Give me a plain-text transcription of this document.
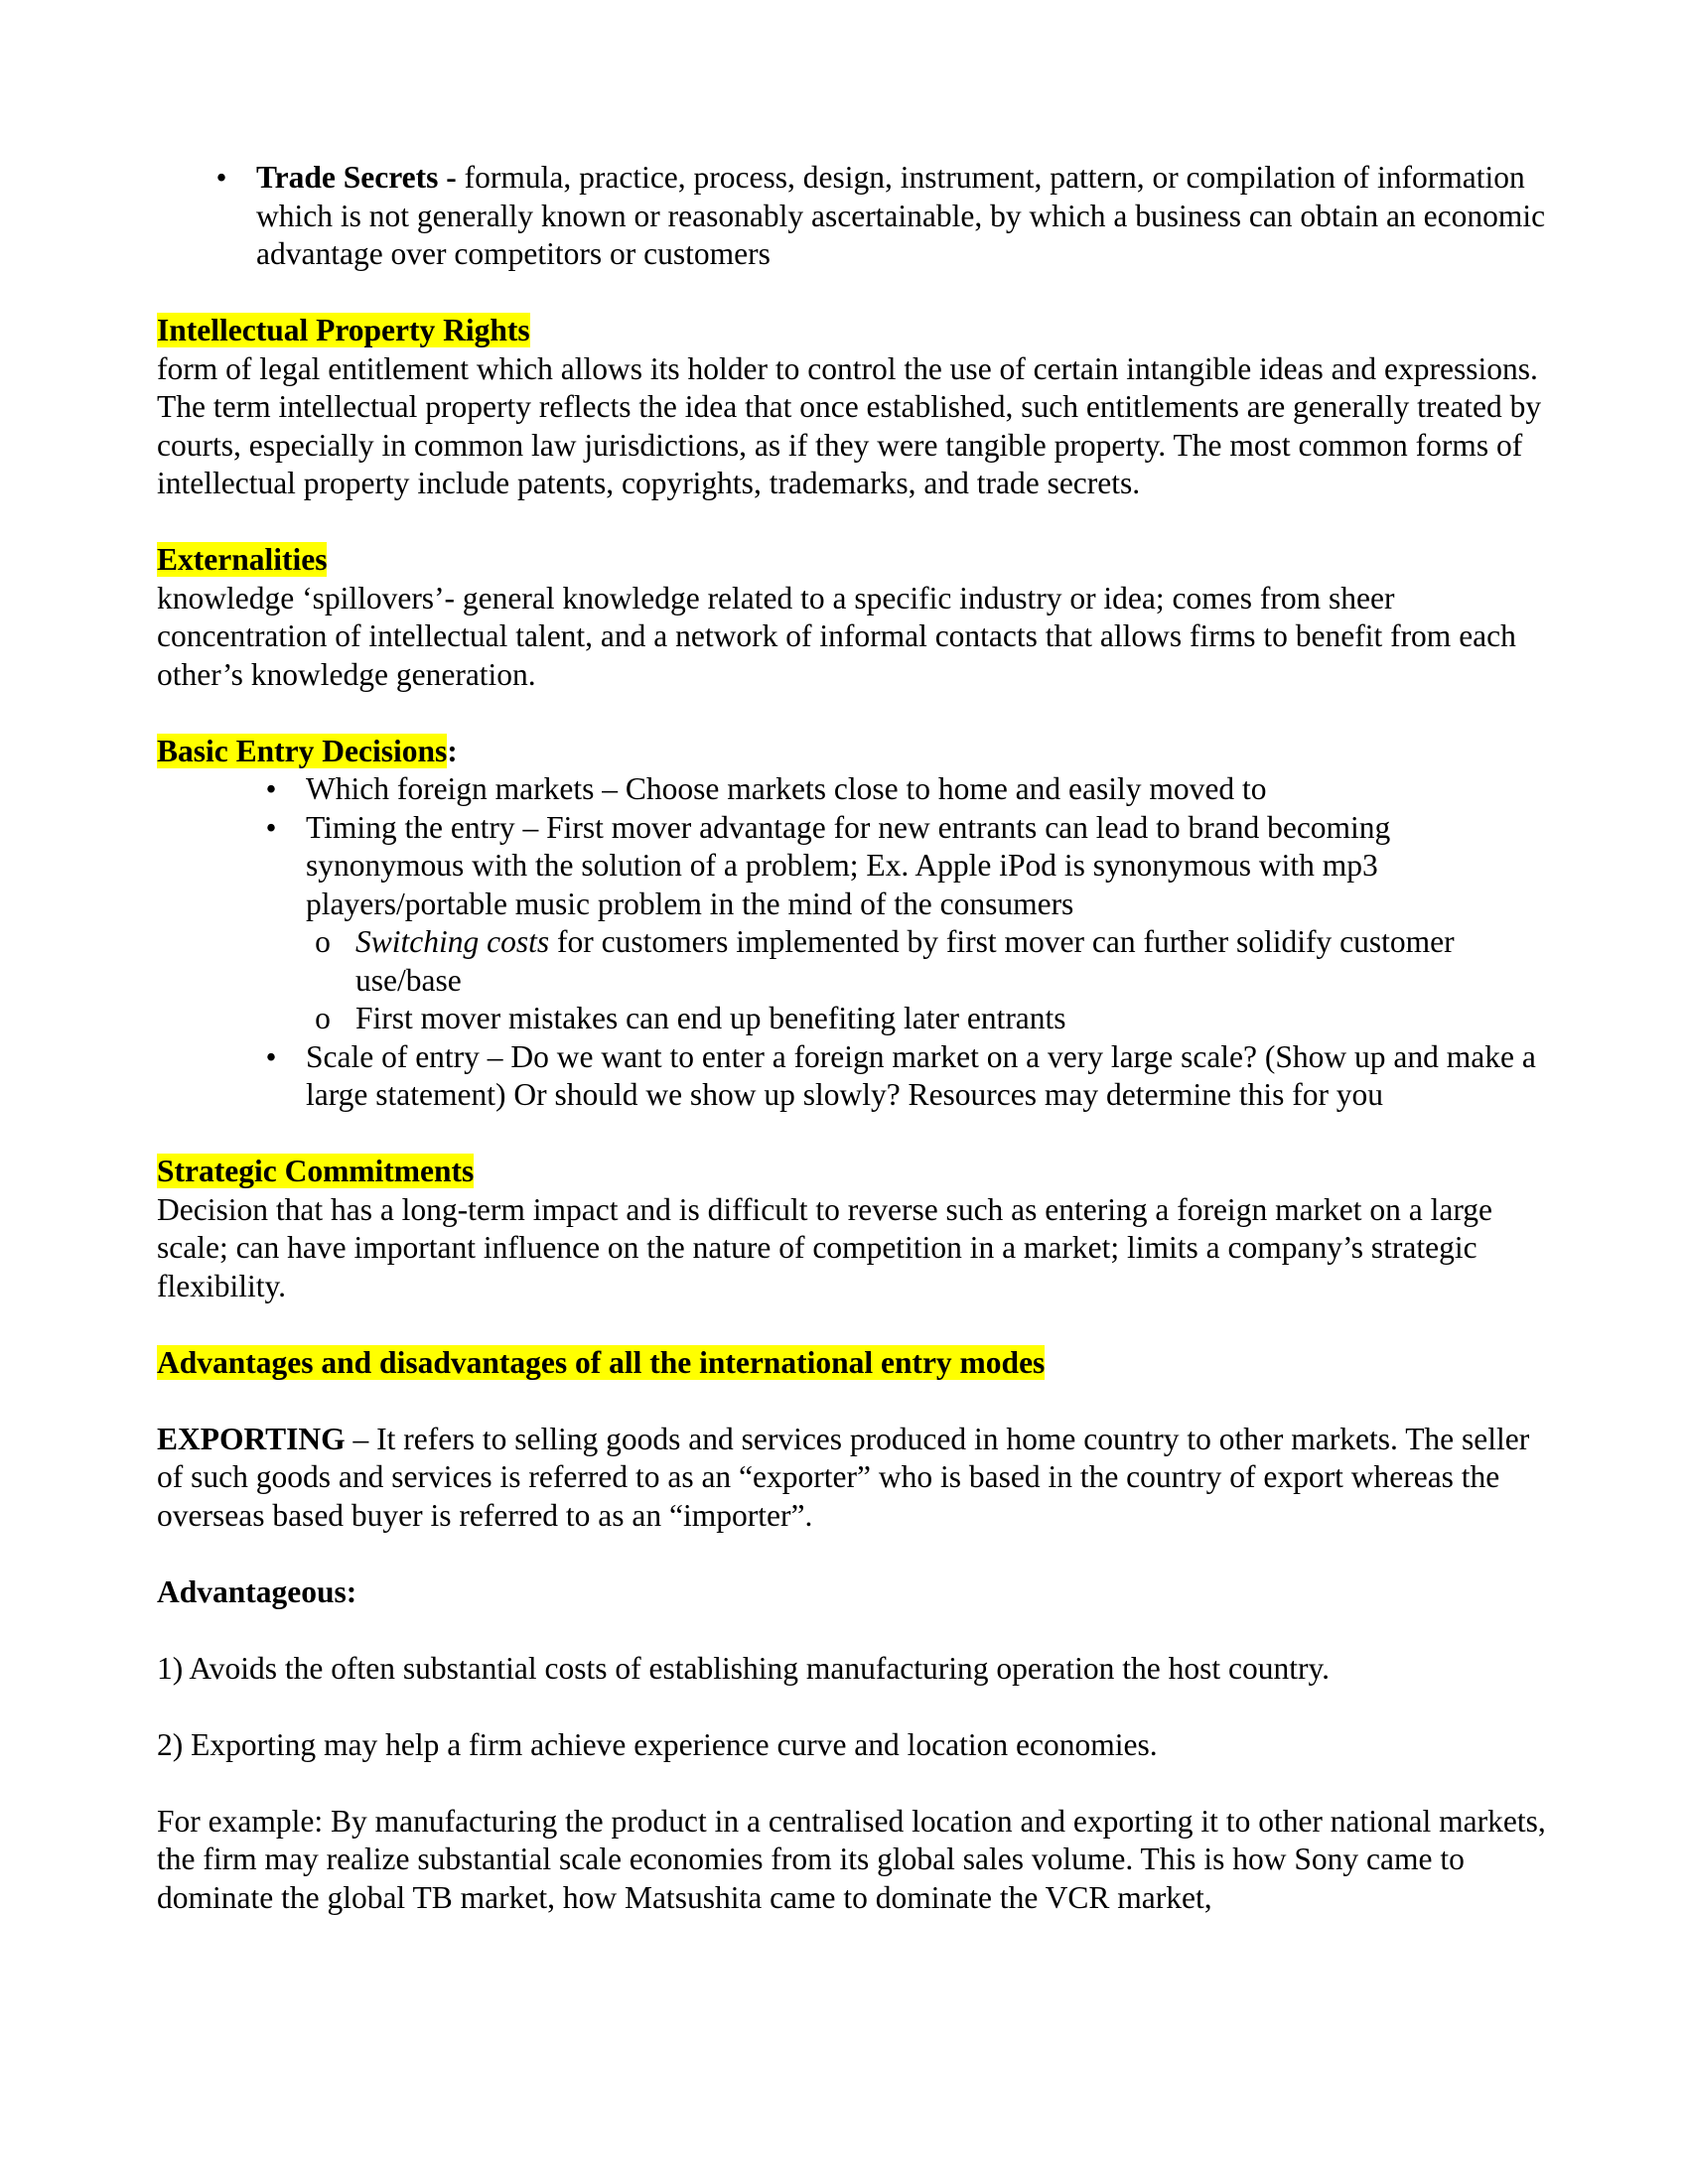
• Trade Secrets - formula, practice, process, design, instrument, pattern, or compilation of information which is not generally known or reasonably ascertainable, by which a business can obtain an economic advantage over competitors or customers

Intellectual Property Rights

form of legal entitlement which allows its holder to control the use of certain intangible ideas and expressions. The term intellectual property reflects the idea that once established, such entitlements are generally treated by courts, especially in common law jurisdictions, as if they were tangible property. The most common forms of intellectual property include patents, copyrights, trademarks, and trade secrets.

Externalities

knowledge ‘spillovers’- general knowledge related to a specific industry or idea; comes from sheer concentration of intellectual talent, and a network of informal contacts that allows firms to benefit from each other’s knowledge generation.

Basic Entry Decisions:

• Which foreign markets – Choose markets close to home and easily moved to
• Timing the entry – First mover advantage for new entrants can lead to brand becoming synonymous with the solution of a problem; Ex. Apple iPod is synonymous with mp3 players/portable music problem in the mind of the consumers
o Switching costs for customers implemented by first mover can further solidify customer use/base
o First mover mistakes can end up benefiting later entrants
• Scale of entry – Do we want to enter a foreign market on a very large scale? (Show up and make a large statement) Or should we show up slowly? Resources may determine this for you

Strategic Commitments

Decision that has a long-term impact and is difficult to reverse such as entering a foreign market on a large scale; can have important influence on the nature of competition in a market; limits a company’s strategic flexibility.

Advantages and disadvantages of all the international entry modes

EXPORTING – It refers to selling goods and services produced in home country to other markets. The seller of such goods and services is referred to as an “exporter” who is based in the country of export whereas the overseas based buyer is referred to as an “importer”.

Advantageous:

1) Avoids the often substantial costs of establishing manufacturing operation the host country.

2) Exporting may help a firm achieve experience curve and location economies.

For example: By manufacturing the product in a centralised location and exporting it to other national markets, the firm may realize substantial scale economies from its global sales volume. This is how Sony came to dominate the global TB market, how Matsushita came to dominate the VCR market,
